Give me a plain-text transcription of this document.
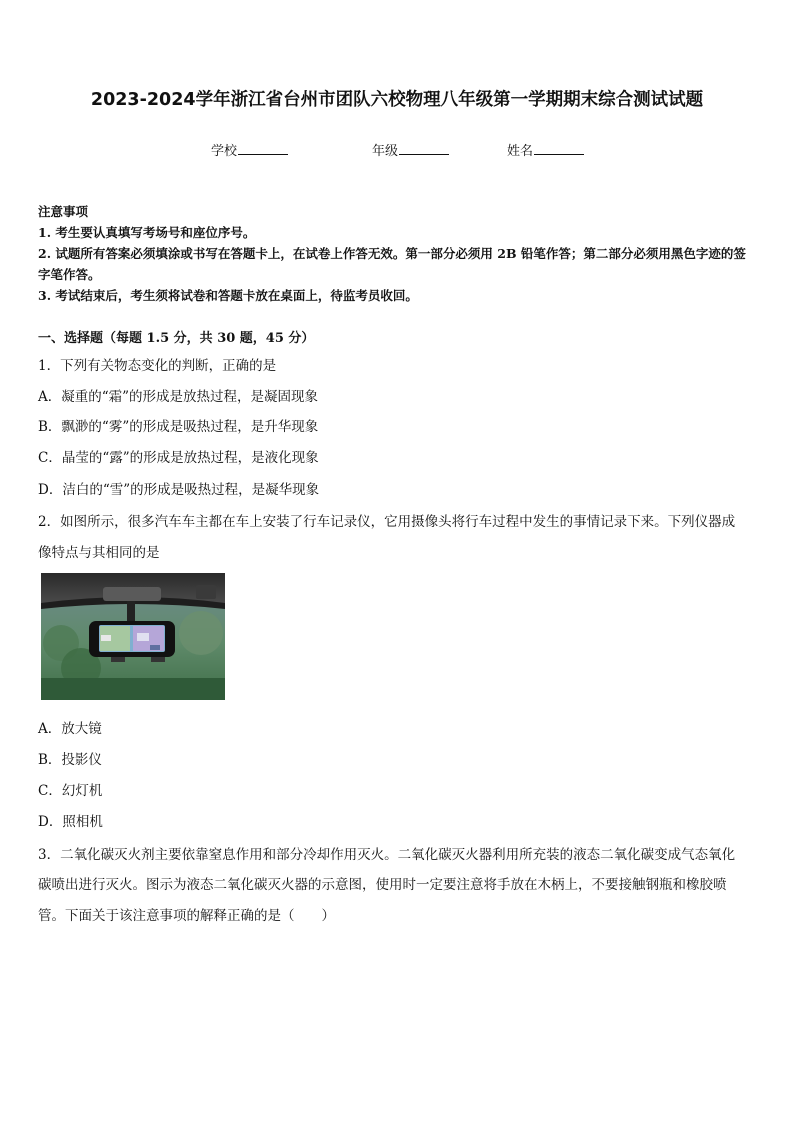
2023-2024学年浙江省台州市团队六校物理八年级第一学期期末综合测试试题
学校	年级	姓名
注意事项
1. 考生要认真填写考场号和座位序号。
2. 试题所有答案必须填涂或书写在答题卡上，在试卷上作答无效。第一部分必须用 2B 铅笔作答；第二部分必须用黑色字迹的签字笔作答。
3. 考试结束后，考生须将试卷和答题卡放在桌面上，待监考员收回。
一、选择题（每题 1.5 分，共 30 题，45 分）
1．下列有关物态变化的判断，正确的是
A．凝重的“霜”的形成是放热过程，是凝固现象
B．飘渺的“雾”的形成是吸热过程，是升华现象
C．晶莹的“露”的形成是放热过程，是液化现象
D．洁白的“雪”的形成是吸热过程，是凝华现象
2．如图所示，很多汽车车主都在车上安装了行车记录仪，它用摄像头将行车过程中发生的事情记录下来。下列仪器成
像特点与其相同的是
A．放大镜
B．投影仪
C．幻灯机
D．照相机
3．二氧化碳灭火剂主要依靠窒息作用和部分冷却作用灭火。二氧化碳灭火器利用所充装的液态二氧化碳变成气态氧化
碳喷出进行灭火。图示为液态二氧化碳灭火器的示意图，使用时一定要注意将手放在木柄上，不要接触钢瓶和橡胶喷
管。下面关于该注意事项的解释正确的是（　　）
